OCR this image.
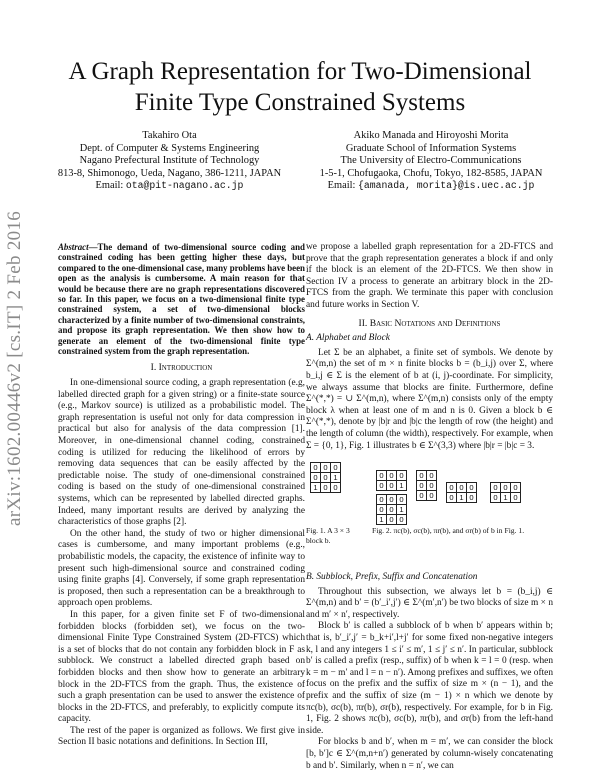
A Graph Representation for Two-Dimensional
Finite Type Constrained Systems
Takahiro Ota
Dept. of Computer & Systems Engineering
Nagano Prefectural Institute of Technology
813-8, Shimonogo, Ueda, Nagano, 386-1211, JAPAN
Email: ota@pit-nagano.ac.jp
Akiko Manada and Hiroyoshi Morita
Graduate School of Information Systems
The University of Electro-Communications
1-5-1, Chofugaoka, Chofu, Tokyo, 182-8585, JAPAN
Email: {amanada, morita}@is.uec.ac.jp
arXiv:1602.00446v2 [cs.IT] 2 Feb 2016	Abstract—The demand of two-dimensional source coding and constrained coding has been getting higher these days, but compared to the one-dimensional case, many problems have been open as the analysis is cumbersome. A main reason for that would be because there are no graph representations discovered so far. In this paper, we focus on a two-dimensional finite type constrained system, a set of two-dimensional blocks characterized by a finite number of two-dimensional constraints, and propose its graph representation. We then show how to generate an element of the two-dimensional finite type constrained system from the graph representation.
I. Introduction

In one-dimensional source coding, a graph representation (e.g, labelled directed graph for a given string) or a finite-state source (e.g., Markov source) is utilized as a probabilistic model. The graph representation is useful not only for data compression in practical but also for analysis of the data compression [1]. Moreover, in one-dimensional channel coding, constrained coding is utilized for reducing the likelihood of errors by removing data sequences that can be easily affected by the predictable noise. The study of one-dimensional constrained coding is based on the study of one-dimensional constrained systems, which can be represented by labelled directed graphs. Indeed, many important results are derived by analyzing the characteristics of those graphs [2].

On the other hand, the study of two or higher dimensional cases is cumbersome, and many important problems (e.g., probabilistic models, the capacity, the existence of infinite way to present such high-dimensional source and constrained coding using finite graphs [4]. Conversely, if some graph representation is proposed, then such a representation can be a breakthrough to approach open problems.

In this paper, for a given finite set F of two-dimensional forbidden blocks (forbidden set), we focus on the two-dimensional Finite Type Constrained System (2D-FTCS) which is a set of blocks that do not contain any forbidden block in F as subblock. We construct a labelled directed graph based on forbidden blocks and then show how to generate an arbitrary block in the 2D-FTCS from the graph. Thus, the existence of such a graph presentation can be used to answer the existence of blocks in the 2D-FTCS, and preferably, to explicitly compute its capacity.

The rest of the paper is organized as follows. We first give in Section II basic notations and definitions. In Section III,

we propose a labelled graph representation for a 2D-FTCS and prove that the graph representation generates a block if and only if the block is an element of the 2D-FTCS. We then show in Section IV a process to generate an arbitrary block in the 2D-FTCS from the graph. We terminate this paper with conclusion and future works in Section V.

II. Basic Notations and Definitions
A. Alphabet and Block

Let Σ be an alphabet, a finite set of symbols. We denote by Σ^(m,n) the set of m × n finite blocks b = (b_i,j) over Σ, where b_i,j ∈ Σ is the element of b at (i, j)-coordinate. For simplicity, we always assume that blocks are finite. Furthermore, define Σ^(*,*) = ∪ Σ^(m,n), where Σ^(m,n) consists only of the empty block λ when at least one of m and n is 0. Given a block b ∈ Σ^(*,*), denote by |b|r and |b|c the length of row (the height) and the length of column (the width), respectively. For example, when Σ = {0, 1}, Fig. 1 illustrates b ∈ Σ^(3,3) where |b|r = |b|c = 3.

0	0	0
0	0	1
1	0	0
0	0	0
0	0	1
0	0	0
0	0	1
1	0	0
0	0
0	0
0	0
0	0	0
0	1	0
0	0	0
0	1	0
Fig. 1. A 3 × 3 block b.
Fig. 2. πc(b), σc(b), πr(b), and σr(b) of b in Fig. 1.
B. Subblock, Prefix, Suffix and Concatenation

Throughout this subsection, we always let b = (b_i,j) ∈ Σ^(m,n) and b′ = (b′_i′,j′) ∈ Σ^(m′,n′) be two blocks of size m × n and m′ × n′, respectively.

Block b′ is called a subblock of b when b′ appears within b; that is, b′_i′,j′ = b_k+i′,l+j′ for some fixed non-negative integers k, l and any integers 1 ≤ i′ ≤ m′, 1 ≤ j′ ≤ n′. In particular, subblock b′ is called a prefix (resp., suffix) of b when k = l = 0 (resp. when k = m − m′ and l = n − n′). Among prefixes and suffixes, we often focus on the prefix and the suffix of size m × (n − 1), and the prefix and the suffix of size (m − 1) × n which we denote by πc(b), σc(b), πr(b), σr(b), respectively. For example, for b in Fig. 1, Fig. 2 shows πc(b), σc(b), πr(b), and σr(b) from the left-hand side.

For blocks b and b′, when m = m′, we can consider the block [b, b′]c ∈ Σ^(m,n+n′) generated by column-wisely concatenating b and b′. Similarly, when n = n′, we can
